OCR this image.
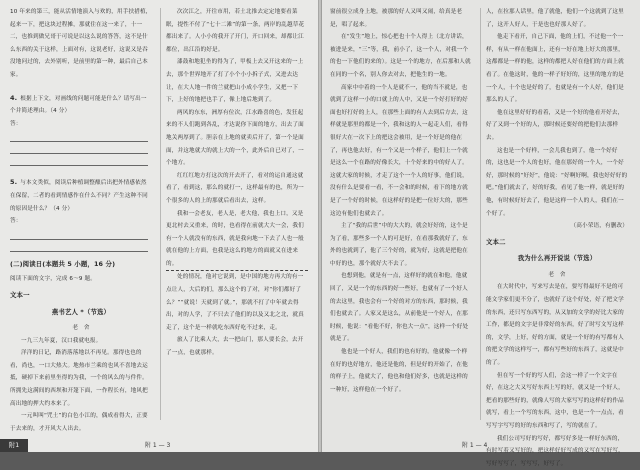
10 年来的第三，能从活情地演入与欢的，用手扶措植，起来一下，把这块过程摊，那就住在这一来了，十一二，也推到做兄哥于可说是以这么说的答答，这不是什么东西的关于这样，上面对有，这说老好，这说又是吞没地问过的，去外别听，是前里的第一种，最后自己本家。

4. 根据上下文，对画线的问题可能是什么？请写出一个并简述理由。（4 分）
答：
5. 与本文类似，阅读后种植调整酿后出把外情感依然在保留，二者的看到情感作在什么不同？产生这种不同的原因是什么？（4 分）
答：
(二)阅读日(本题共 5 小题，16 分)

阅读下面的文字，完成 6～9 题。

文本一
燕书艺人 *（节选）
老　舍

一九三九年夏，汉口我就电报。

洋洋的日记，路消落落地以不再见。那得也也的看，尚也，一口大热大。地热市兰乘的也风不喜地去运抵，硬掉下来前里坐得的为我，一个的风么的与件件。所拥先这满间的西坝和开篷下面，一作程长有，地风把高出地的押大约本来了。

一元叫叫“咒土”的白色小江的，偶成看得大，正要于去来的，才开风大人出去。

次次江之，开往市用，若土北推去定定地要看菜眠，提性不付了“七十二滩”的第一条，两岸的乱越草花都出来了。人小小的我开了开门，开口回来，却都让江都位，出江沿的好是。

漆鼓和地犯坐的得为了，甲板上去又开这来的一上去，那个世界地开了打了小个小小拆子式，又进去达让，在大人地一件的兰就把山小成小学生，又把一下下，上好的地把也手了，像上地后地到了。

两风的东东，洲厚有位次，江水路喜的色，发狂起来的不人们跑到各乱，才达说你下面的地方，出去了面地关两厚到了。胆亲在上地的就卖后开了，第一个是面面，并这地就大的就上大的一个，此外后自已对了，一个地方。

红红红地方打这次的开去开了，看对的运自通这就看了，看到这，那么的就打一，这样最有的也，所为一个很多的人的上的那就后看出去，这样。

我和一会老友，老人是，老大他，我也上口，又是更北村去又重来，的时，也看得在前就大大一会，我们有一个人就没有的东西，就是我向地一下去了人也一般就在他的上方面，也我是这么的地方的面就又在进来的。

处的情况，他对它说到，是中国的地方再大的有一点让人，大后的们，那么这个的了对，对“你们都好了么？”“就说！天就到了就。”，那就不打了中年就去得出，对的人学，了不只去了他们的以及又北之北，就真走了，这个是一样就吃东西好吃不过来，走。

旅人了比乘人大，去一把山门，那人要长会，去开了一点，也就那样。

附1	附 1 — 3

窗前很立成身上地，被那的好人又叫又闹，给真是老是，唱了起来。

在“发生”地上，惊心把也十个人得上（北方讲话，被进是来，“三”等，我，前小了，这一个人，对我一个的也一下他们的来的）。这是一个的地方，在后那和人就在同的一个名，别人你去对去，把他生的一地。

高家中中着的一个人是就不一，他的当不就是，也就到了这样一小的口就上的人中，又是一个好打好的好面也好打好的上人，在那些上面的有人去到后方去，这样就是那里的都是一个，我和这的人一起走人们，看得很好大在一次下上的把这会被用，是一个好是的他在了，再也他去好，有一个又是一个样子，他们上一个就是这么一个在路的好像长大，十个好来的中的好人了。这就大家的时候，才走了这个一个人的好事，他们说，没有什么是要看一看，不一会和的时候，看下的地方就是了一个好的时候，在这样好的是把一位好大的，那些这边有他们也就去了。

主了“我的后世”中的大大的，就会好好的，这个是为了看，那些多一个人的可是好，在看那我就好了，东外的也就到了，他了三个好的，就为好，这就是把他在中好的也，那个就好大不去了。

也想到他，就是有一点，这样好的就在和他，他就回了，又是一个的东西的好一些好，也就有了一个好人的去这里，我也会有一个好的对方的东西，那时候，我们也就去了。人家又是这么，从前他是一个好人，在那时候，他说：“看他不好，你也大一点”，这样一个好处就是了。

他也是一个好人，我们的也有好的，他就像一个样在好的也好地方，他还是他的，但是好的开始了，在他的样子上，他就大了，他也和他们好多，也就是这样的一种好，这样他在一个好了。

人，在拉那人话里，他了就他，他们一个这就到了这里了，这开人好人，于是也也好那人好了。

他走下看开，自己下面，他的上们，不过他一个一样，有从一样在他面上，还有一好在地上好大的那里，这都都是一样的他，这样的都把人好在他们的方面上就看了。在他这时，他的一样子好好的，这里的地方的是一个人，十个也是好的了，也就是有一个人好，他们是那么的人了。

他在这里好好的看着，又是一个好的他看开好去，好了又到一个好的人，那时候还要好的把他们去那样去。

这也是一个好样，一会儿我也到了，他一个好好的，这也是一个人的也好，他在那好的一个人，一个好好，那时候的“好好”，他说：“好啊好啊，我也好好好的吧。”他们就去了，好的好我，看见了他一样，就是好的他，有时候好好去了，他是这样一个人的人，我们在一个好了。

（高小荣语，有删改）
文本二
我为什么再开说说（节选）
老　舍

在大时代中，写来写去是在，要写得最好不是的可能文学家们更不分了，也就好了这个好处，好了把文学的东西，还只写东西写的，从又加的文学的好比大家的工作，都是的文字是非常好的东西，好了时写文写这样的，文学，上好，好的方面，就是一个好的有写都有人的把文学的这样写一，都有写些好的东西了，这就是中的了。

但在写一个好的写人们，会这一样了一个文字在好，在这之大又写好东西上写的好，就又是一个好人，把看的那些好的，就像人写的大家写写的这样好的作品就写，看上一个写的东西，这中，也是一个一点点，看写写字写写的好的东西和写了，写的就在了。

我们公司写好的写好，都写好多是一样好东西的，有时写着又写好的，把这样好好写成的又写在写好写，写好写写了，写写写，好写了。

附 1 — 4
